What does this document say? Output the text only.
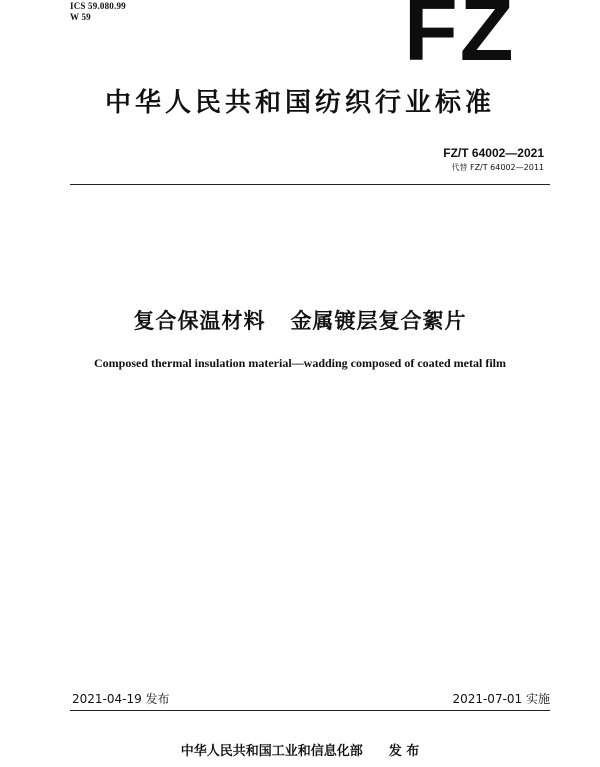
ICS 59.080.99
W 59	FZ
中华人民共和国纺织行业标准
FZ/T 64002—2021
代替 FZ/T 64002—2011
复合保温材料   金属镀层复合絮片
Composed thermal insulation material—wadding composed of coated metal film
2021-04-19 发布	2021-07-01 实施
中华人民共和国工业和信息化部 发 布
